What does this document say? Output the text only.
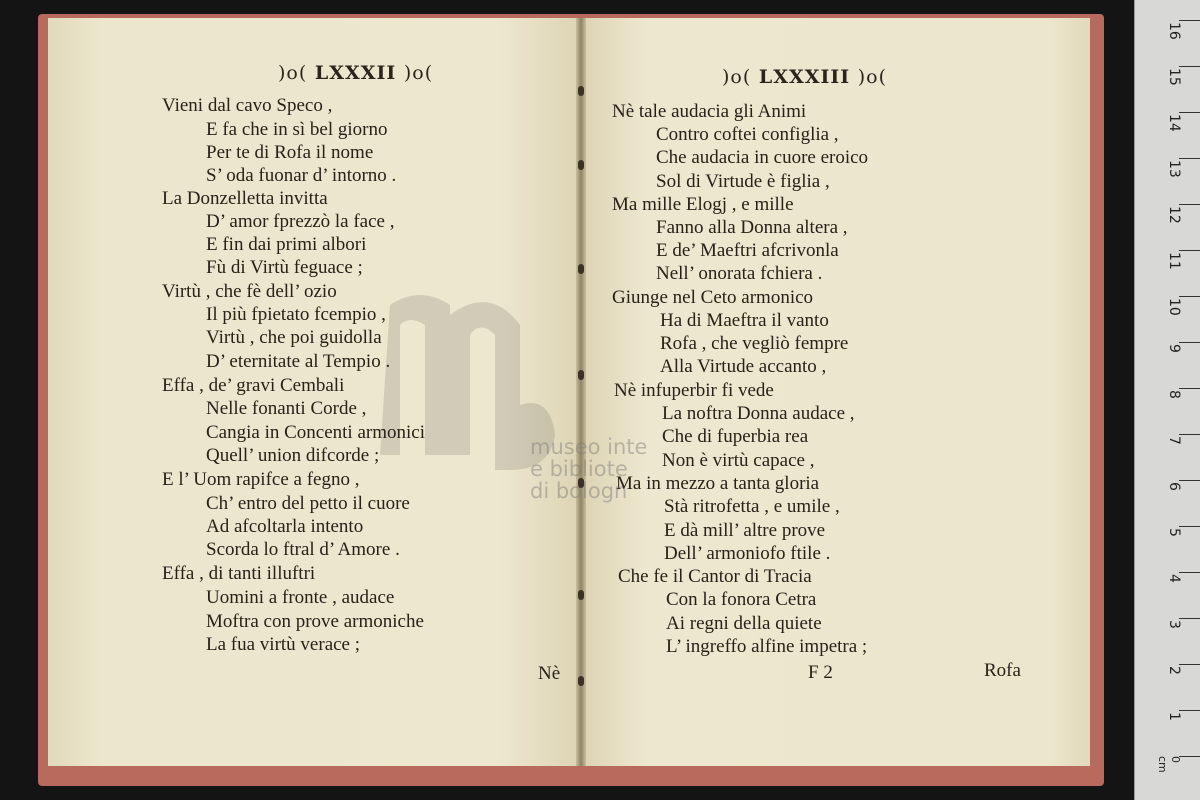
museo inte
e bibliote
di bologn
)o( LXXXII )o(	)o( LXXXIII )o(
Vieni dal cavo Speco ,
E fa che in sì bel giorno
Per te di Rofa il nome
S’ oda fuonar d’ intorno .
La Donzelletta invitta
D’ amor fprezzò la face ,
E fin dai primi albori
Fù di Virtù feguace ;
Virtù , che fè dell’ ozio
Il più fpietato fcempio ,
Virtù , che poi guidolla
D’ eternitate al Tempio .
Effa , de’ gravi Cembali
Nelle fonanti Corde ,
Cangia in Concenti armonici
Quell’ union difcorde ;
E l’ Uom rapifce a fegno ,
Ch’ entro del petto il cuore
Ad afcoltarla intento
Scorda lo ftral d’ Amore .
Effa , di tanti illuftri
Uomini a fronte , audace
Moftra con prove armoniche
La fua virtù verace ;
Nè
Nè tale audacia gli Animi
Contro coftei configlia ,
Che audacia in cuore eroico
Sol di Virtude è figlia ,
Ma mille Elogj , e mille
Fanno alla Donna altera ,
E de’ Maeftri afcrivonla
Nell’ onorata fchiera .
Giunge nel Ceto armonico
Ha di Maeftra il vanto
Rofa , che vegliò fempre
Alla Virtude accanto ,
Nè infuperbir fi vede
La noftra Donna audace ,
Che di fuperbia rea
Non è virtù capace ,
Ma in mezzo a tanta gloria
Stà ritrofetta , e umile ,
E dà mill’ altre prove
Dell’ armoniofo ftile .
Che fe il Cantor di Tracia
Con la fonora Cetra
Ai regni della quiete
L’ ingreffo alfine impetra ;
F 2	Rofa
16
15
14
13
12
11
10
9
8
7
6
5
4
3
2
1
0 cm
